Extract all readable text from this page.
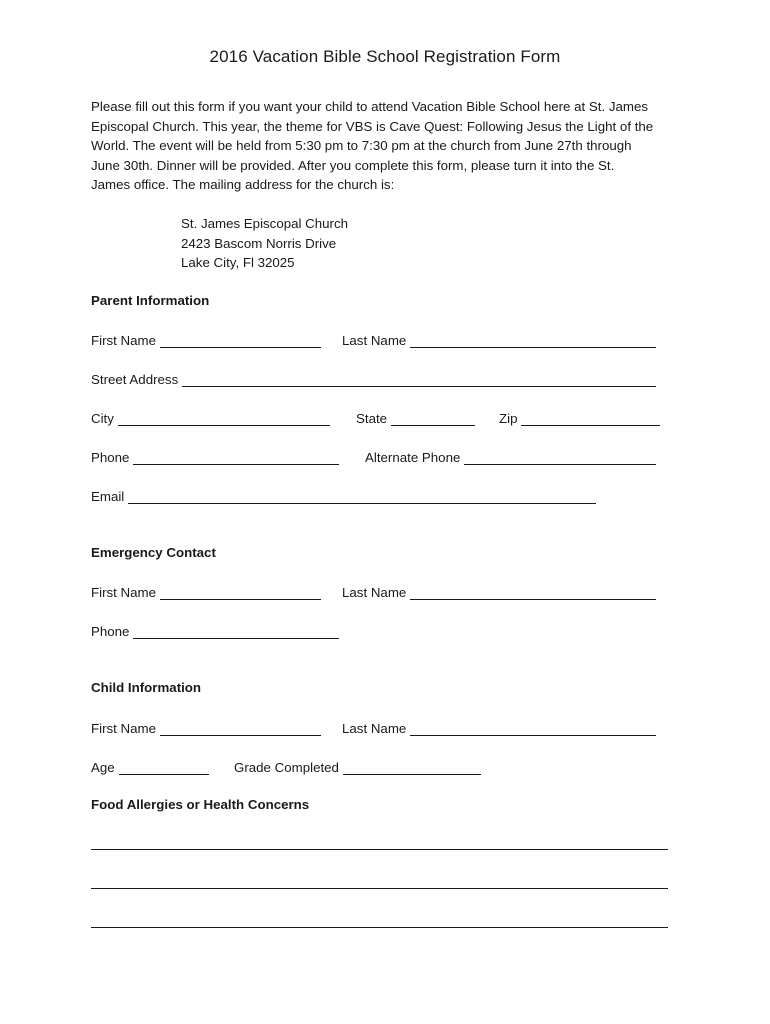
2016 Vacation Bible School Registration Form
Please fill out this form if you want your child to attend Vacation Bible School here at St. James
Episcopal Church. This year, the theme for VBS is Cave Quest: Following Jesus the Light of the
World. The event will be held from 5:30 pm to 7:30 pm at the church from June 27th through
June 30th. Dinner will be provided. After you complete this form, please turn it into the St.
James office. The mailing address for the church is:
St. James Episcopal Church
2423 Bascom Norris Drive
Lake City, Fl 32025
Parent Information
First Name	Last Name
Street Address
City	State	Zip
Phone	Alternate Phone
Email
Emergency Contact
First Name	Last Name
Phone
Child Information
First Name	Last Name
Age	Grade Completed
Food Allergies or Health Concerns
